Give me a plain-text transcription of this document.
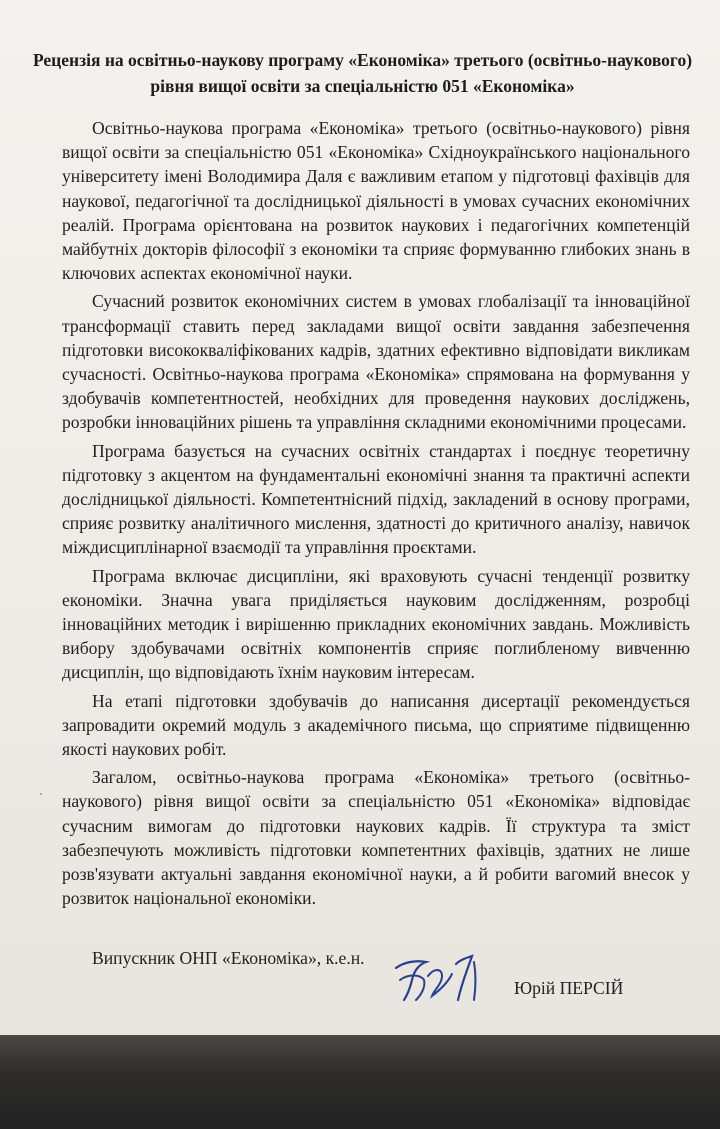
Рецензія на освітньо-наукову програму «Економіка» третього (освітньо-наукового) рівня вищої освіти за спеціальністю 051 «Економіка»

Освітньо-наукова програма «Економіка» третього (освітньо-наукового) рівня вищої освіти за спеціальністю 051 «Економіка» Східноукраїнського національного університету імені Володимира Даля є важливим етапом у підготовці фахівців для наукової, педагогічної та дослідницької діяльності в умовах сучасних економічних реалій. Програма орієнтована на розвиток наукових і педагогічних компетенцій майбутніх докторів філософії з економіки та сприяє формуванню глибоких знань в ключових аспектах економічної науки.

Сучасний розвиток економічних систем в умовах глобалізації та інноваційної трансформації ставить перед закладами вищої освіти завдання забезпечення підготовки висококваліфікованих кадрів, здатних ефективно відповідати викликам сучасності. Освітньо-наукова програма «Економіка» спрямована на формування у здобувачів компетентностей, необхідних для проведення наукових досліджень, розробки інноваційних рішень та управління складними економічними процесами.

Програма базується на сучасних освітніх стандартах і поєднує теоретичну підготовку з акцентом на фундаментальні економічні знання та практичні аспекти дослідницької діяльності. Компетентнісний підхід, закладений в основу програми, сприяє розвитку аналітичного мислення, здатності до критичного аналізу, навичок міждисциплінарної взаємодії та управління проєктами.

Програма включає дисципліни, які враховують сучасні тенденції розвитку економіки. Значна увага приділяється науковим дослідженням, розробці інноваційних методик і вирішенню прикладних економічних завдань. Можливість вибору здобувачами освітніх компонентів сприяє поглибленому вивченню дисциплін, що відповідають їхнім науковим інтересам.

На етапі підготовки здобувачів до написання дисертації рекомендується запровадити окремий модуль з академічного письма, що сприятиме підвищенню якості наукових робіт.

Загалом, освітньо-наукова програма «Економіка» третього (освітньо-наукового) рівня вищої освіти за спеціальністю 051 «Економіка» відповідає сучасним вимогам до підготовки наукових кадрів. Її структура та зміст забезпечують можливість підготовки компетентних фахівців, здатних не лише розв'язувати актуальні завдання економічної науки, а й робити вагомий внесок у розвиток національної економіки.

Випускник ОНП «Економіка», к.е.н.
Юрій ПЕРСІЙ
